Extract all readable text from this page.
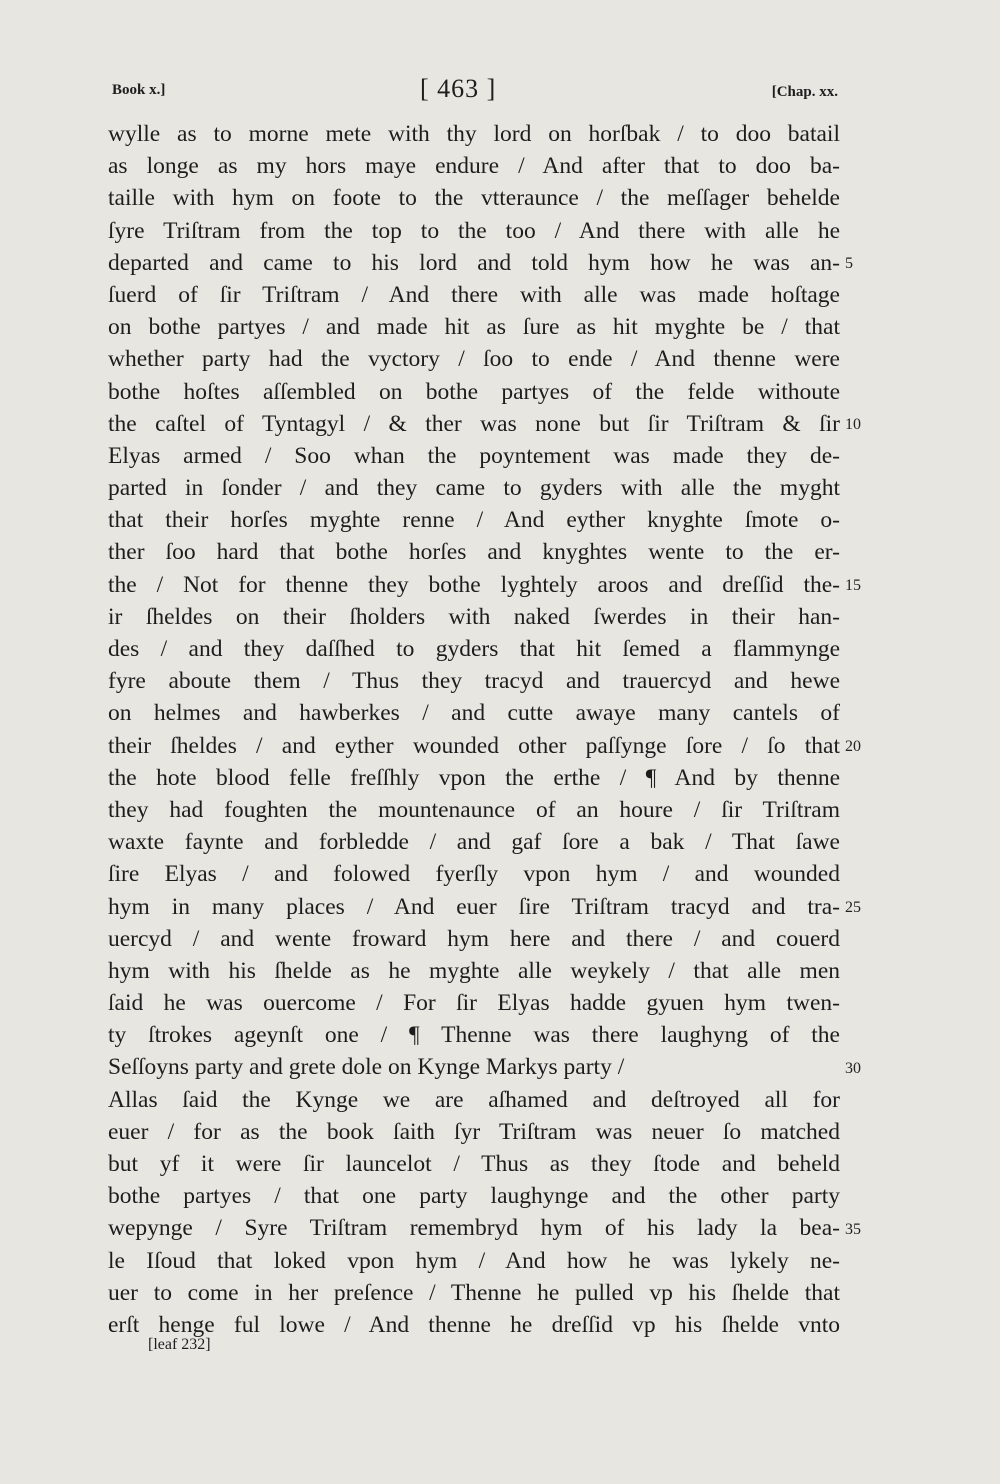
Book x.]	[ 463 ]	[Chap. xx.
wylle as to morne mete with thy lord on horſbak / to doo batail
as longe as my hors maye endure / And after that to doo ba-
taille with hym on foote to the vtteraunce / the meſſager behelde
ſyre Triſtram from the top to the too / And there with alle he
departed and came to his lord and told hym how he was an-
ſuerd of ſir Triſtram / And there with alle was made hoſtage
on bothe partyes / and made hit as ſure as hit myghte be / that
whether party had the vyctory / ſoo to ende / And thenne were
bothe hoſtes aſſembled on bothe partyes of the felde withoute
the caſtel of Tyntagyl / & ther was none but ſir Triſtram & ſir
Elyas armed / Soo whan the poyntement was made they de-
parted in ſonder / and they came to gyders with alle the myght
that their horſes myghte renne / And eyther knyghte ſmote o-
ther ſoo hard that bothe horſes and knyghtes wente to the er-
the / Not for thenne they bothe lyghtely aroos and dreſſid the-
ir ſheldes on their ſholders with naked ſwerdes in their han-
des / and they daſſhed to gyders that hit ſemed a flammynge
fyre aboute them / Thus they tracyd and trauercyd and hewe
on helmes and hawberkes / and cutte awaye many cantels of
their ſheldes / and eyther wounded other paſſynge ſore / ſo that
the hote blood felle freſſhly vpon the erthe / ¶ And by thenne
they had foughten the mountenaunce of an houre / ſir Triſtram
waxte faynte and forbledde / and gaf ſore a bak / That ſawe
ſire Elyas / and folowed fyerſly vpon hym / and wounded
hym in many places / And euer ſire Triſtram tracyd and tra-
uercyd / and wente froward hym here and there / and couerd
hym with his ſhelde as he myghte alle weykely / that alle men
ſaid he was ouercome / For ſir Elyas hadde gyuen hym twen-
ty ſtrokes ageynſt one / ¶ Thenne was there laughyng of the
Seſſoyns party and grete dole on Kynge Markys party /
Allas ſaid the Kynge we are aſhamed and deſtroyed all for
euer / for as the book ſaith ſyr Triſtram was neuer ſo matched
but yf it were ſir launcelot / Thus as they ſtode and beheld
bothe partyes / that one party laughynge and the other party
wepynge / Syre Triſtram remembryd hym of his lady la bea-
le Iſoud that loked vpon hym / And how he was lykely ne-
uer to come in her preſence / Thenne he pulled vp his ſhelde that
erſt henge ful lowe / And thenne he dreſſid vp his ſhelde vnto
5
10
15
20
25
30
35
[leaf 232]
